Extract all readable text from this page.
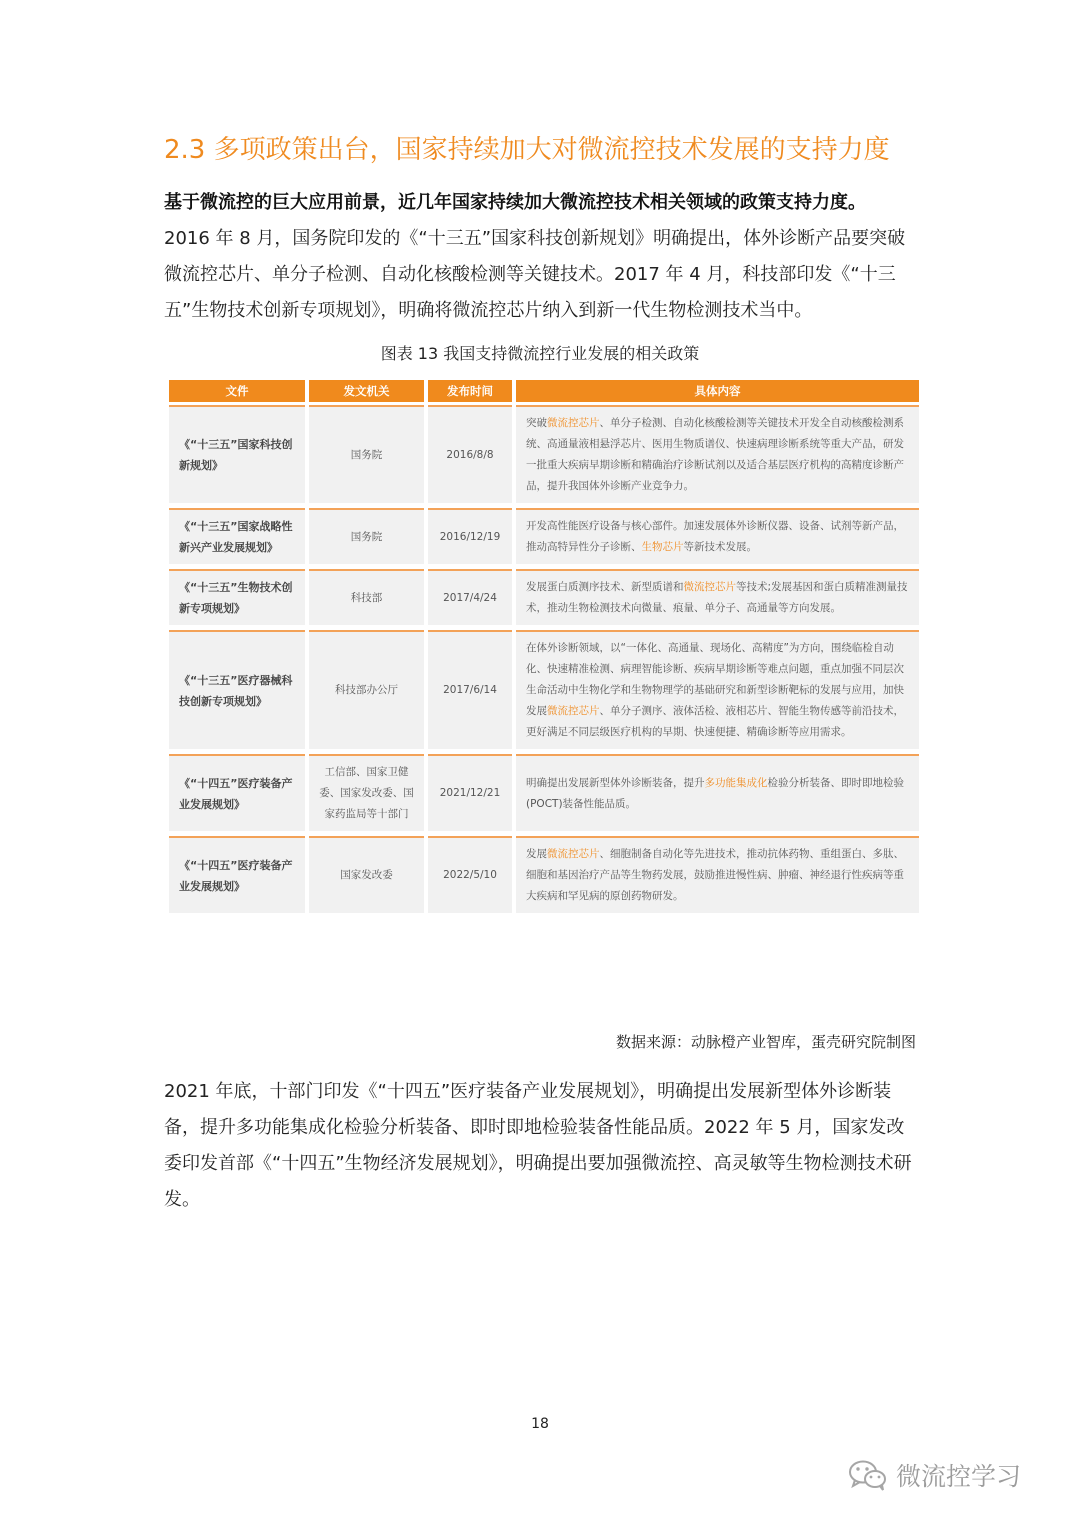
2.3 多项政策出台，国家持续加大对微流控技术发展的支持力度

基于微流控的巨大应用前景，近几年国家持续加大微流控技术相关领域的政策支持力度。
2016 年 8 月，国务院印发的《“十三五”国家科技创新规划》明确提出，体外诊断产品要突破微流控芯片、单分子检测、自动化核酸检测等关键技术。2017 年 4 月，科技部印发《“十三五”生物技术创新专项规划》，明确将微流控芯片纳入到新一代生物检测技术当中。

图表 13 我国支持微流控行业发展的相关政策
文件	发文机关	发布时间	具体内容
《“十三五”国家科技创新规划》	国务院	2016/8/8	突破微流控芯片、单分子检测、自动化核酸检测等关键技术开发全自动核酸检测系统、高通量液相悬浮芯片、医用生物质谱仪、快速病理诊断系统等重大产品，研发一批重大疾病早期诊断和精确治疗诊断试剂以及适合基层医疗机构的高精度诊断产品，提升我国体外诊断产业竞争力。
《“十三五”国家战略性新兴产业发展规划》	国务院	2016/12/19	开发高性能医疗设备与核心部件。加速发展体外诊断仪器、设备、试剂等新产品，推动高特异性分子诊断、生物芯片等新技术发展。
《“十三五”生物技术创新专项规划》	科技部	2017/4/24	发展蛋白质测序技术、新型质谱和微流控芯片等技术;发展基因和蛋白质精准测量技术，推动生物检测技术向微量、痕量、单分子、高通量等方向发展。
《“十三五”医疗器械科技创新专项规划》	科技部办公厅	2017/6/14	在体外诊断领域，以“一体化、高通量、现场化、高精度”为方向，围绕临检自动化、快速精准检测、病理智能诊断、疾病早期诊断等难点问题，重点加强不同层次生命活动中生物化学和生物物理学的基础研究和新型诊断靶标的发展与应用，加快发展微流控芯片、单分子测序、液体活检、液相芯片、智能生物传感等前沿技术，更好满足不同层级医疗机构的早期、快速便捷、精确诊断等应用需求。
《“十四五”医疗装备产业发展规划》	工信部、国家卫健委、国家发改委、国家药监局等十部门	2021/12/21	明确提出发展新型体外诊断装备，提升多功能集成化检验分析装备、即时即地检验 (POCT)装备性能品质。
《“十四五”医疗装备产业发展规划》	国家发改委	2022/5/10	发展微流控芯片、细胞制备自动化等先进技术，推动抗体药物、重组蛋白、多肽、细胞和基因治疗产品等生物药发展，鼓励推进慢性病、肿瘤、神经退行性疾病等重大疾病和罕见病的原创药物研发。
数据来源：动脉橙产业智库，蛋壳研究院制图

2021 年底，十部门印发《“十四五”医疗装备产业发展规划》，明确提出发展新型体外诊断装备，提升多功能集成化检验分析装备、即时即地检验装备性能品质。2022 年 5 月，国家发改委印发首部《“十四五”生物经济发展规划》，明确提出要加强微流控、高灵敏等生物检测技术研发。

18
微流控学习
